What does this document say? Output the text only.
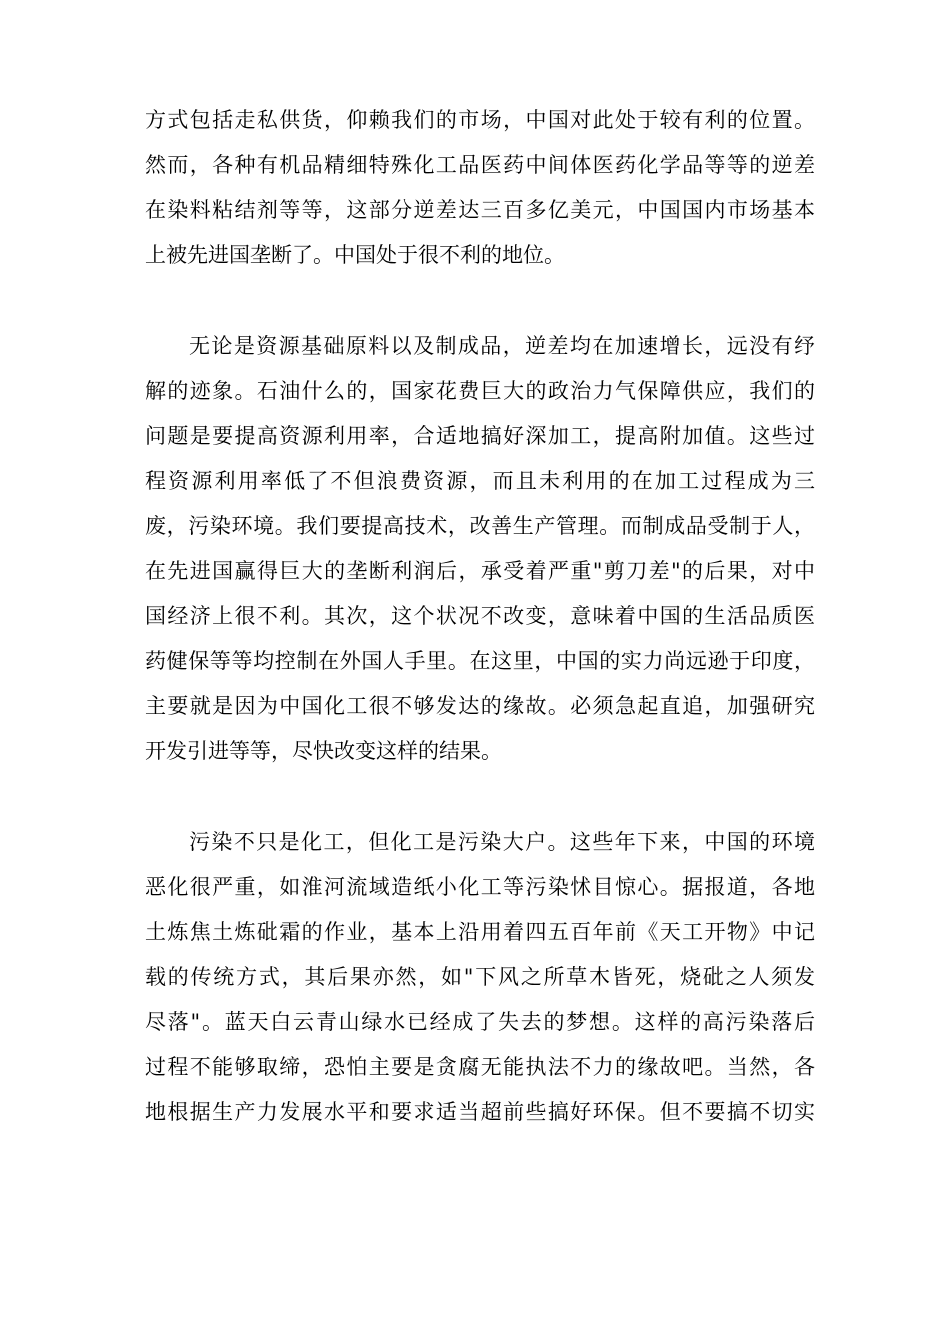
方式包括走私供货，仰赖我们的市场，中国对此处于较有利的位置。

然而，各种有机品精细特殊化工品医药中间体医药化学品等等的逆差

在染料粘结剂等等，这部分逆差达三百多亿美元，中国国内市场基本

上被先进国垄断了。中国处于很不利的地位。

无论是资源基础原料以及制成品，逆差均在加速增长，远没有纾

解的迹象。石油什么的，国家花费巨大的政治力气保障供应，我们的

问题是要提高资源利用率，合适地搞好深加工，提高附加值。这些过

程资源利用率低了不但浪费资源，而且未利用的在加工过程成为三

废，污染环境。我们要提高技术，改善生产管理。而制成品受制于人，

在先进国赢得巨大的垄断利润后，承受着严重"剪刀差"的后果，对中

国经济上很不利。其次，这个状况不改变，意味着中国的生活品质医

药健保等等均控制在外国人手里。在这里，中国的实力尚远逊于印度，

主要就是因为中国化工很不够发达的缘故。必须急起直追，加强研究

开发引进等等，尽快改变这样的结果。

污染不只是化工，但化工是污染大户。这些年下来，中国的环境

恶化很严重，如淮河流域造纸小化工等污染怵目惊心。据报道，各地

土炼焦土炼砒霜的作业，基本上沿用着四五百年前《天工开物》中记

载的传统方式，其后果亦然，如"下风之所草木皆死，烧砒之人须发

尽落"。蓝天白云青山绿水已经成了失去的梦想。这样的高污染落后

过程不能够取缔，恐怕主要是贪腐无能执法不力的缘故吧。当然，各

地根据生产力发展水平和要求适当超前些搞好环保。但不要搞不切实
